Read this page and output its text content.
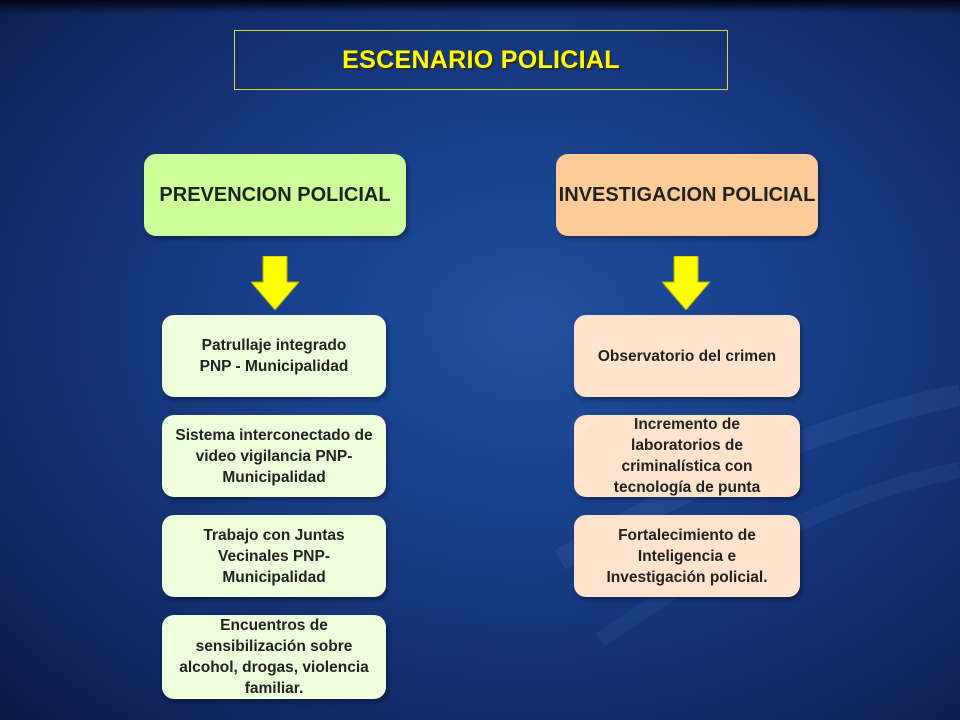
ESCENARIO POLICIAL
PREVENCION POLICIAL	INVESTIGACION POLICIAL
Patrullaje integrado PNP - Municipalidad
Sistema interconectado de video vigilancia PNP-Municipalidad
Trabajo con Juntas Vecinales PNP-Municipalidad
Encuentros de sensibilización sobre alcohol, drogas, violencia familiar.
Observatorio del crimen
Incremento de laboratorios de criminalística con tecnología de punta
Fortalecimiento de Inteligencia e Investigación policial.
